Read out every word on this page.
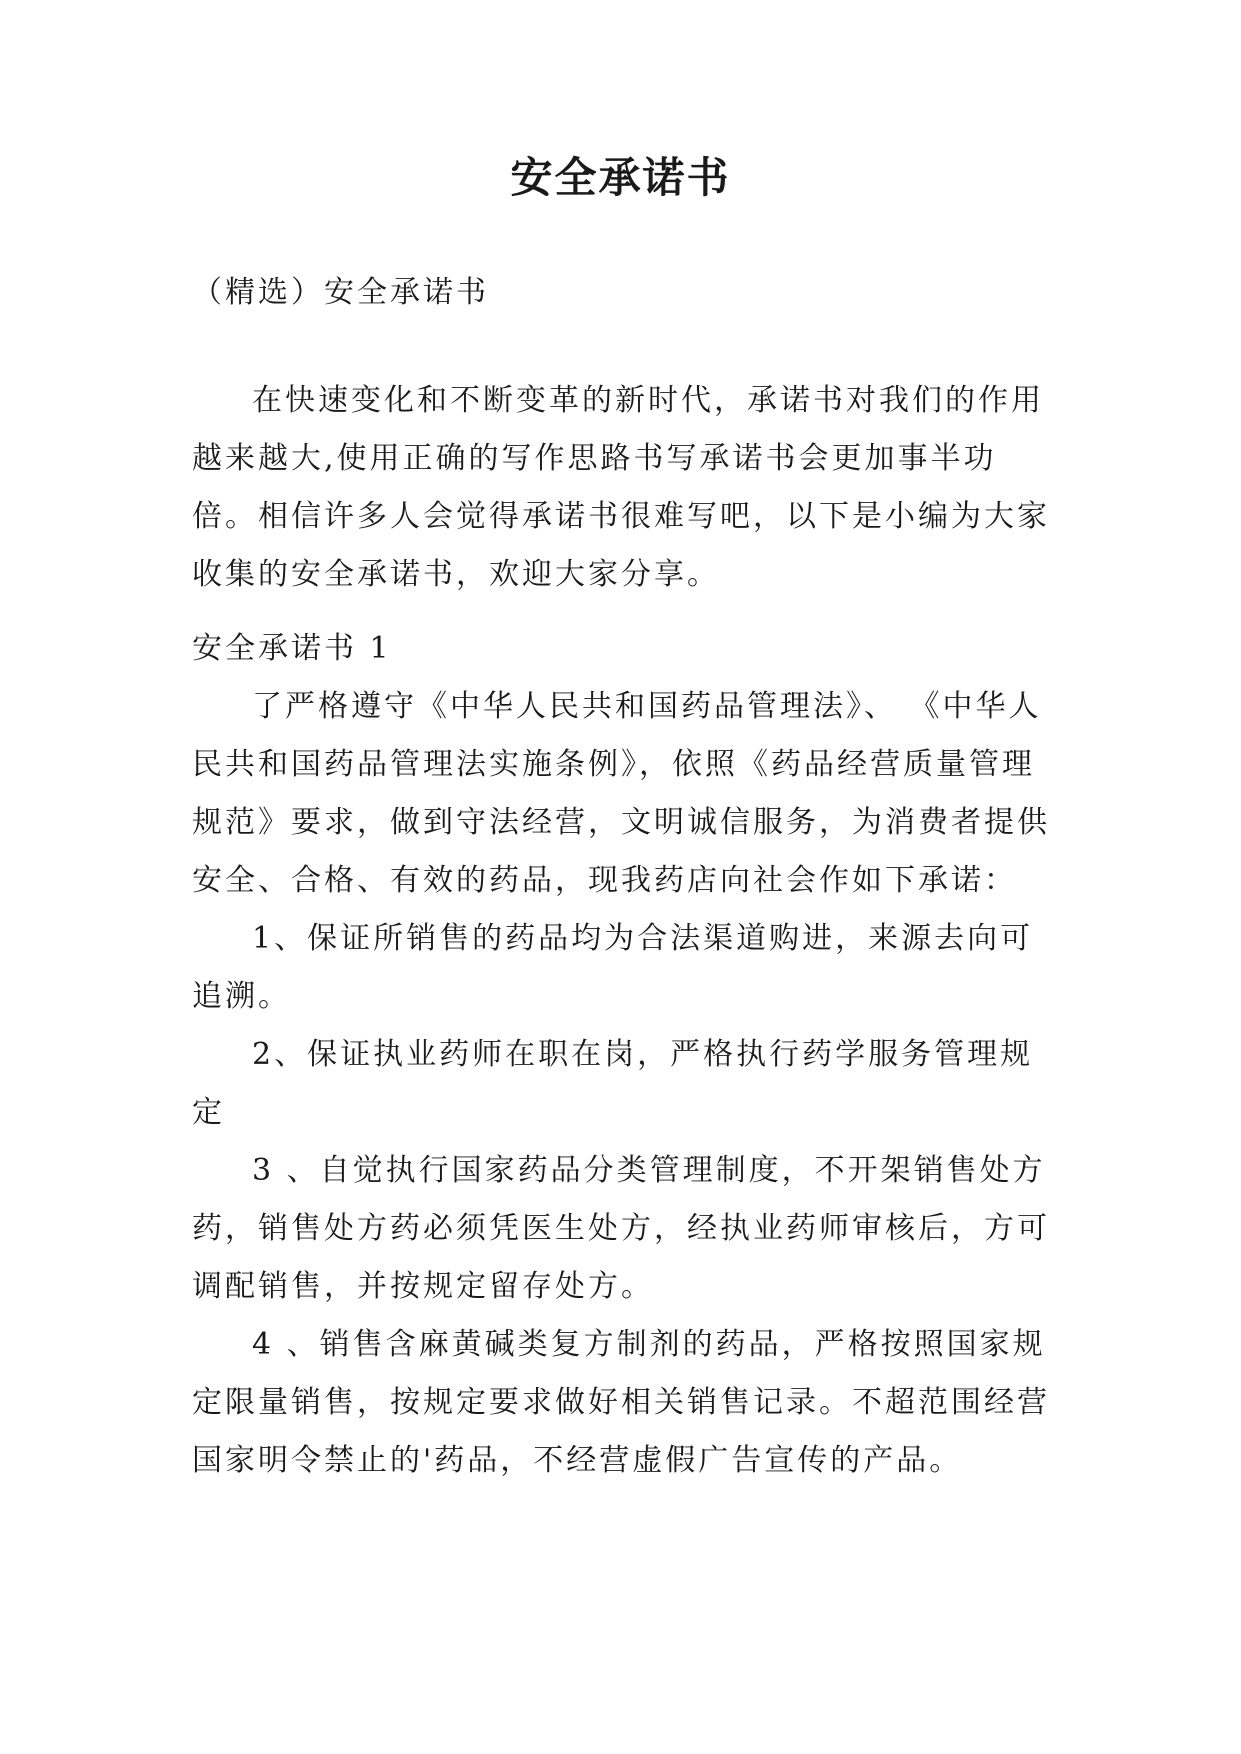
安全承诺书

（精选）安全承诺书

在快速变化和不断变革的新时代，承诺书对我们的作用越来越大,使用正确的写作思路书写承诺书会更加事半功倍。相信许多人会觉得承诺书很难写吧，以下是小编为大家收集的安全承诺书，欢迎大家分享。

安全承诺书 1

了严格遵守《中华人民共和国药品管理法》、 《中华人民共和国药品管理法实施条例》，依照《药品经营质量管理规范》要求，做到守法经营，文明诚信服务，为消费者提供安全、合格、有效的药品，现我药店向社会作如下承诺：

1、保证所销售的药品均为合法渠道购进，来源去向可追溯。

2、保证执业药师在职在岗，严格执行药学服务管理规定

3 、自觉执行国家药品分类管理制度，不开架销售处方药，销售处方药必须凭医生处方，经执业药师审核后，方可调配销售，并按规定留存处方。

4 、销售含麻黄碱类复方制剂的药品，严格按照国家规定限量销售，按规定要求做好相关销售记录。不超范围经营国家明令禁止的'药品，不经营虚假广告宣传的产品。
